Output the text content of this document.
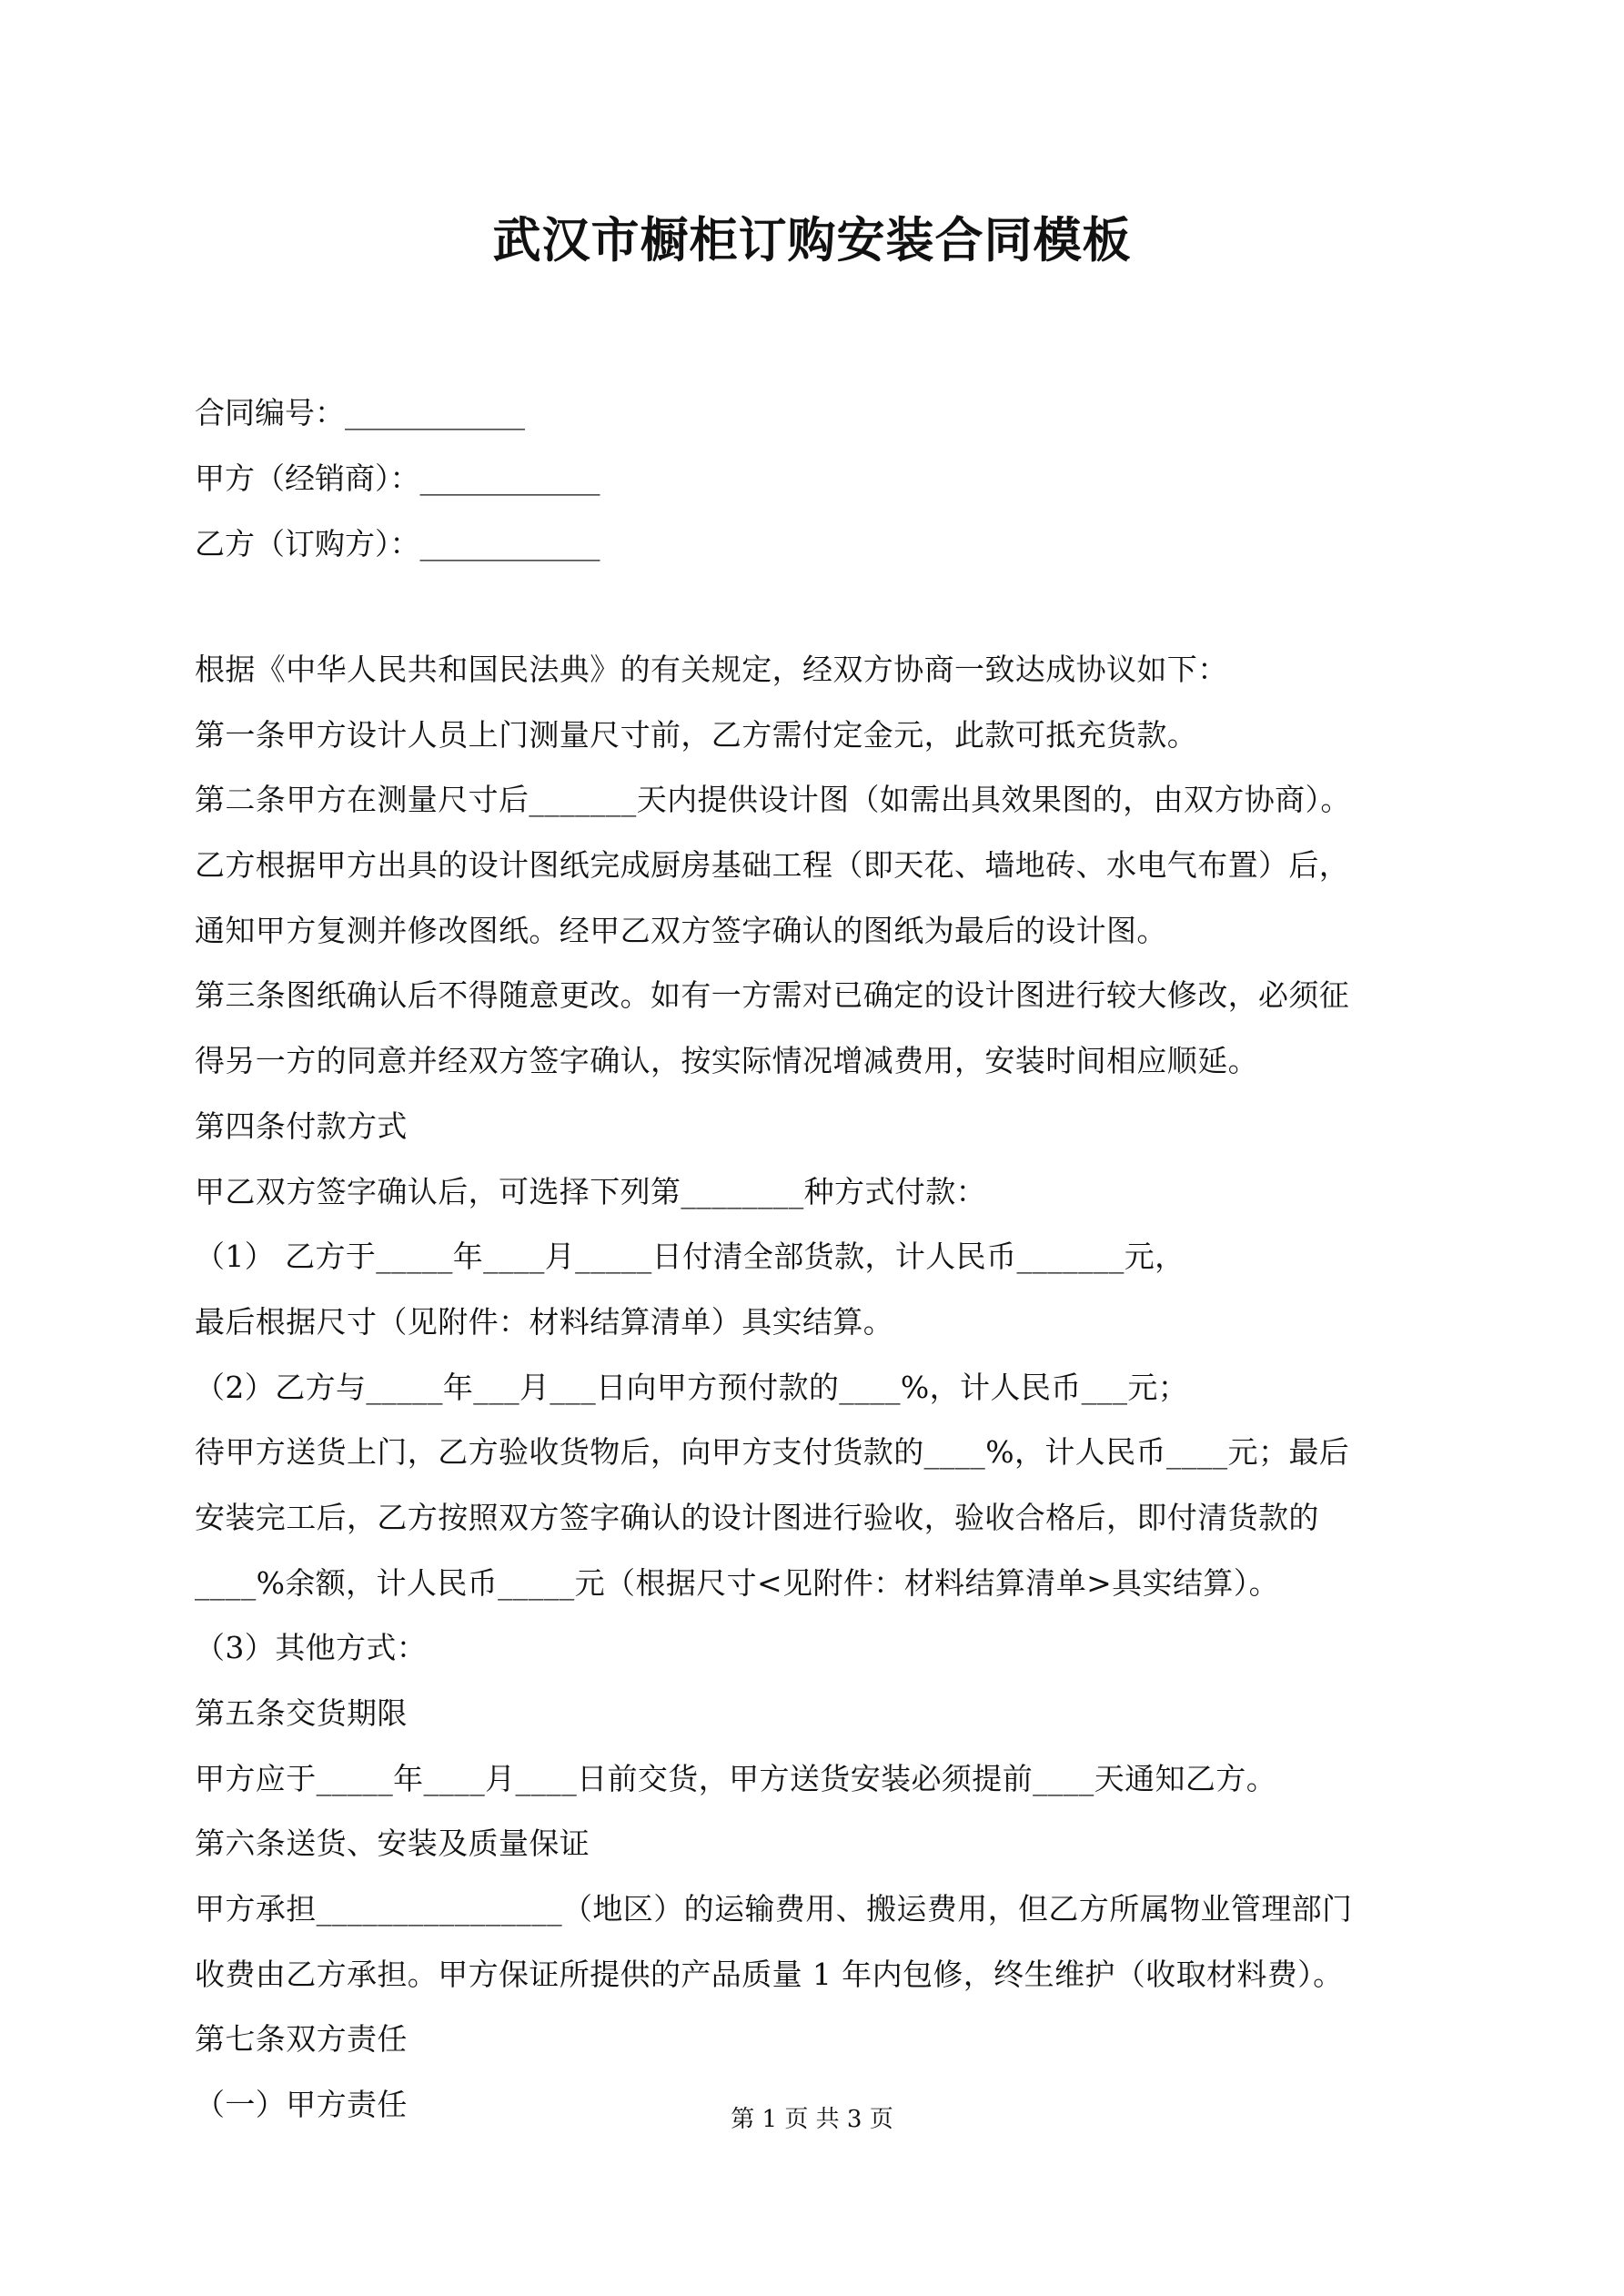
武汉市橱柜订购安装合同模板
合同编号：____________
甲方（经销商）：____________
乙方（订购方）：____________
根据《中华人民共和国民法典》的有关规定，经双方协商一致达成协议如下：
第一条甲方设计人员上门测量尺寸前，乙方需付定金元，此款可抵充货款。
第二条甲方在测量尺寸后_______天内提供设计图（如需出具效果图的，由双方协商）。
乙方根据甲方出具的设计图纸完成厨房基础工程（即天花、墙地砖、水电气布置）后，
通知甲方复测并修改图纸。经甲乙双方签字确认的图纸为最后的设计图。
第三条图纸确认后不得随意更改。如有一方需对已确定的设计图进行较大修改，必须征
得另一方的同意并经双方签字确认，按实际情况增减费用，安装时间相应顺延。
第四条付款方式
甲乙双方签字确认后，可选择下列第________种方式付款：
（1） 乙方于_____年____月_____日付清全部货款，计人民币_______元，
最后根据尺寸（见附件：材料结算清单）具实结算。
（2）乙方与_____年___月___日向甲方预付款的____%，计人民币___元；
待甲方送货上门，乙方验收货物后，向甲方支付货款的____%，计人民币____元；最后
安装完工后，乙方按照双方签字确认的设计图进行验收，验收合格后，即付清货款的
____%余额，计人民币_____元（根据尺寸<见附件：材料结算清单>具实结算）。
（3）其他方式：
第五条交货期限
甲方应于_____年____月____日前交货，甲方送货安装必须提前____天通知乙方。
第六条送货、安装及质量保证
甲方承担________________（地区）的运输费用、搬运费用，但乙方所属物业管理部门
收费由乙方承担。甲方保证所提供的产品质量 1 年内包修，终生维护（收取材料费）。
第七条双方责任
（一）甲方责任	第 1 页 共 3 页
